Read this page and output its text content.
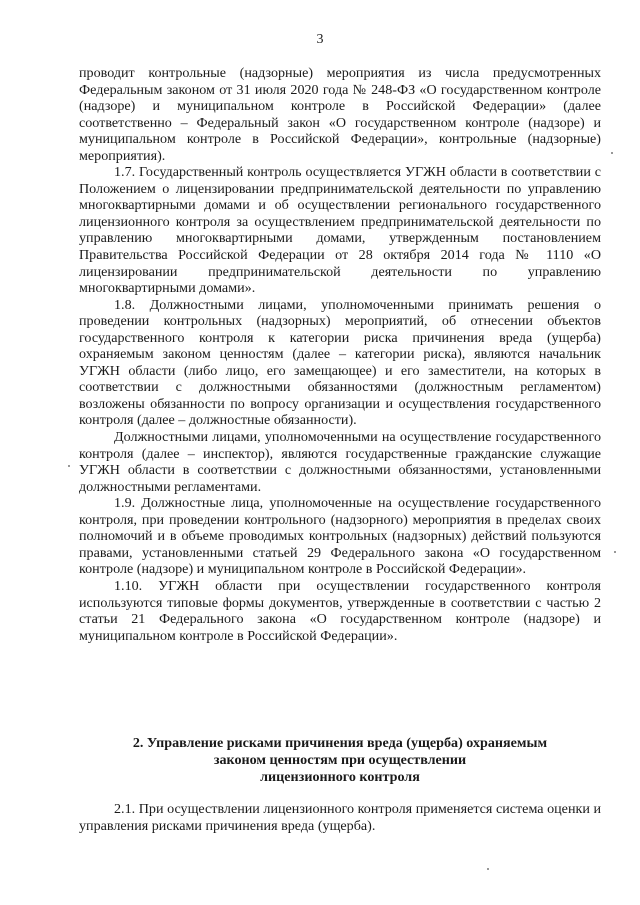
3

проводит контрольные (надзорные) мероприятия из числа предусмотренных Федеральным законом от 31 июля 2020 года № 248-ФЗ «О государственном контроле (надзоре) и муниципальном контроле в Российской Федерации» (далее соответственно – Федеральный закон «О государственном контроле (надзоре) и муниципальном контроле в Российской Федерации», контрольные (надзорные) мероприятия).

1.7. Государственный контроль осуществляется УГЖН области в соответствии с Положением о лицензировании предпринимательской деятельности по управлению многоквартирными домами и об осуществлении регионального государственного лицензионного контроля за осуществлением предпринимательской деятельности по управлению многоквартирными домами, утвержденным постановлением Правительства Российской Федерации от 28 октября 2014 года № 1110 «О лицензировании предпринимательской деятельности по управлению многоквартирными домами».

1.8. Должностными лицами, уполномоченными принимать решения о проведении контрольных (надзорных) мероприятий, об отнесении объектов государственного контроля к категории риска причинения вреда (ущерба) охраняемым законом ценностям (далее – категории риска), являются начальник УГЖН области (либо лицо, его замещающее) и его заместители, на которых в соответствии с должностными обязанностями (должностным регламентом) возложены обязанности по вопросу организации и осуществления государственного контроля (далее – должностные обязанности).

Должностными лицами, уполномоченными на осуществление государственного контроля (далее – инспектор), являются государственные гражданские служащие УГЖН области в соответствии с должностными обязанностями, установленными должностными регламентами.

1.9. Должностные лица, уполномоченные на осуществление государственного контроля, при проведении контрольного (надзорного) мероприятия в пределах своих полномочий и в объеме проводимых контрольных (надзорных) действий пользуются правами, установленными статьей 29 Федерального закона «О государственном контроле (надзоре) и муниципальном контроле в Российской Федерации».

1.10. УГЖН области при осуществлении государственного контроля используются типовые формы документов, утвержденные в соответствии с частью 2 статьи 21 Федерального закона «О государственном контроле (надзоре) и муниципальном контроле в Российской Федерации».

2. Управление рисками причинения вреда (ущерба) охраняемым
законом ценностям при осуществлении
лицензионного контроля

2.1. При осуществлении лицензионного контроля применяется система оценки и управления рисками причинения вреда (ущерба).
